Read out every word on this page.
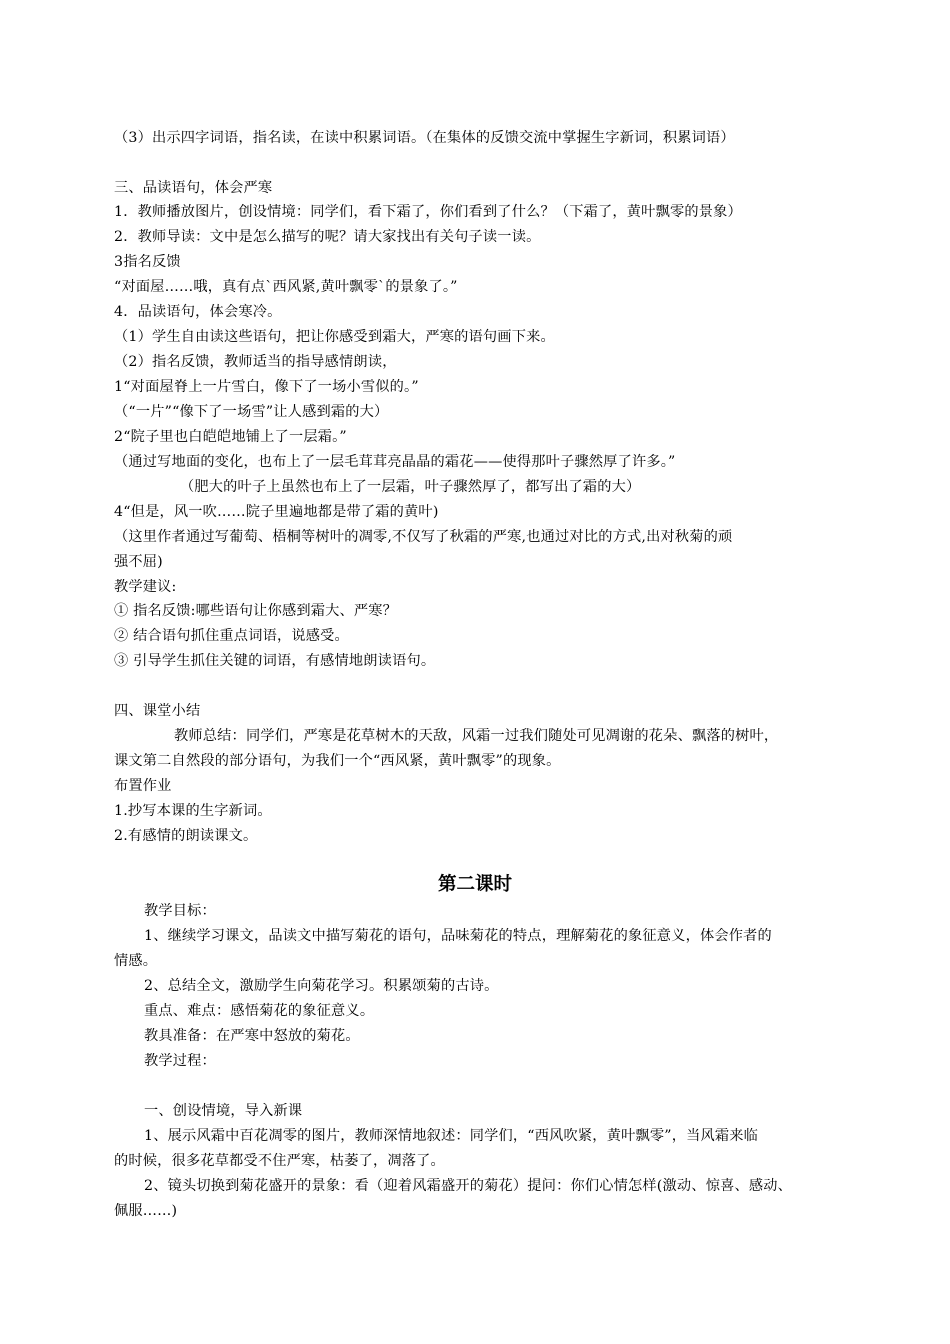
（3）出示四字词语，指名读，在读中积累词语。（在集体的反馈交流中掌握生字新词，积累词语）
三、品读语句，体会严寒
1．教师播放图片，创设情境：同学们，看下霜了，你们看到了什么？（下霜了，黄叶飘零的景象）
2．教师导读：文中是怎么描写的呢？请大家找出有关句子读一读。
3指名反馈
“对面屋……哦，真有点`西风紧,黄叶飘零`的景象了。”
4．品读语句，体会寒冷。
（1）学生自由读这些语句，把让你感受到霜大，严寒的语句画下来。
（2）指名反馈，教师适当的指导感情朗读，
1“对面屋脊上一片雪白，像下了一场小雪似的。”
（“一片”“像下了一场雪”让人感到霜的大）
2“院子里也白皑皑地铺上了一层霜。”
（通过写地面的变化，也布上了一层毛茸茸亮晶晶的霜花——使得那叶子骤然厚了许多。”
（肥大的叶子上虽然也布上了一层霜，叶子骤然厚了，都写出了霜的大）
4“但是，风一吹……院子里遍地都是带了霜的黄叶)
（这里作者通过写葡萄、梧桐等树叶的凋零,不仅写了秋霜的严寒,也通过对比的方式,出对秋菊的顽
强不屈)
教学建议:
① 指名反馈:哪些语句让你感到霜大、严寒？
② 结合语句抓住重点词语，说感受。
③ 引导学生抓住关键的词语，有感情地朗读语句。
四、课堂小结
教师总结：同学们，严寒是花草树木的天敌，风霜一过我们随处可见凋谢的花朵、飘落的树叶，
课文第二自然段的部分语句，为我们一个“西风紧，黄叶飘零”的现象。
布置作业
1.抄写本课的生字新词。
2.有感情的朗读课文。
第二课时
教学目标：
1、继续学习课文，品读文中描写菊花的语句，品味菊花的特点，理解菊花的象征意义，体会作者的
情感。
2、总结全文，激励学生向菊花学习。积累颂菊的古诗。
重点、难点：感悟菊花的象征意义。
教具准备：在严寒中怒放的菊花。
教学过程：
一、创设情境，导入新课
1、展示风霜中百花凋零的图片，教师深情地叙述：同学们，“西风吹紧，黄叶飘零”，当风霜来临
的时候，很多花草都受不住严寒，枯萎了，凋落了。
2、镜头切换到菊花盛开的景象：看（迎着风霜盛开的菊花）提问：你们心情怎样(激动、惊喜、感动、
佩服……)
